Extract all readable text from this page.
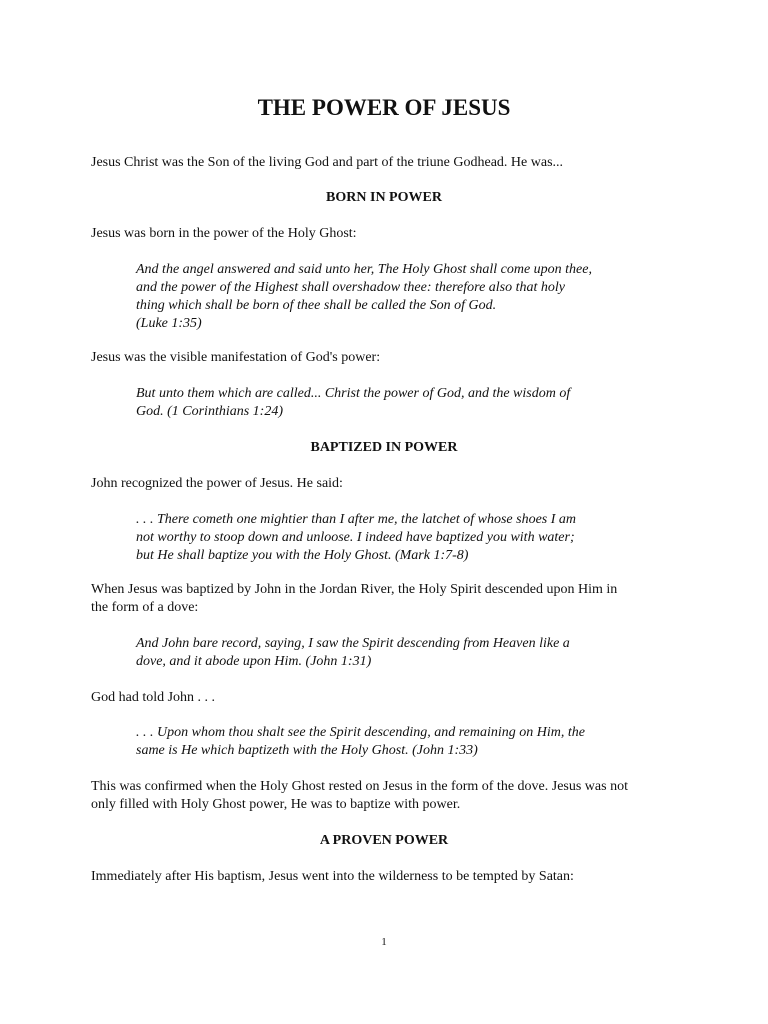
THE POWER OF JESUS

Jesus Christ was the Son of the living God and part of the triune Godhead. He was...

BORN IN POWER

Jesus was born in the power of the Holy Ghost:

And the angel answered and said unto her, The Holy Ghost shall come upon thee,
and the power of the Highest shall overshadow thee: therefore also that holy
thing which shall be born of thee shall be called the Son of God.
(Luke 1:35)

Jesus was the visible manifestation of God's power:

But unto them which are called... Christ the power of God, and the wisdom of
God. (1 Corinthians 1:24)

BAPTIZED IN POWER

John recognized the power of Jesus. He said:

. . . There cometh one mightier than I after me, the latchet of whose shoes I am
not worthy to stoop down and unloose. I indeed have baptized you with water;
but He shall baptize you with the Holy Ghost. (Mark 1:7-8)

When Jesus was baptized by John in the Jordan River, the Holy Spirit descended upon Him in
the form of a dove:

And John bare record, saying, I saw the Spirit descending from Heaven like a
dove, and it abode upon Him. (John 1:31)

God had told John . . .

. . . Upon whom thou shalt see the Spirit descending, and remaining on Him, the
same is He which baptizeth with the Holy Ghost. (John 1:33)

This was confirmed when the Holy Ghost rested on Jesus in the form of the dove. Jesus was not
only filled with Holy Ghost power, He was to baptize with power.

A PROVEN POWER

Immediately after His baptism, Jesus went into the wilderness to be tempted by Satan:

1
